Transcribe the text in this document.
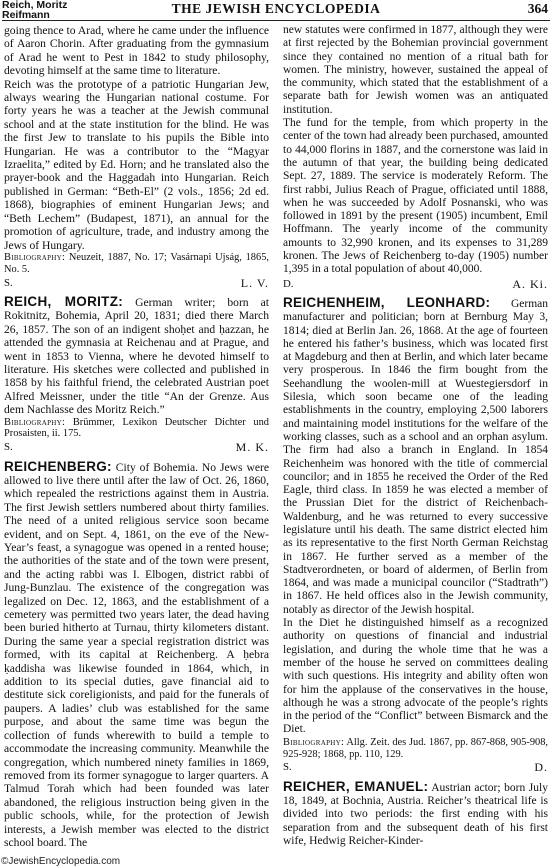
Reich, Moritz
Reifmann	THE JEWISH ENCYCLOPEDIA	364

going thence to Arad, where he came under the influence of Aaron Chorin. After graduating from the gymnasium of Arad he went to Pest in 1842 to study philosophy, devoting himself at the same time to literature.

Reich was the prototype of a patriotic Hungarian Jew, always wearing the Hungarian national costume. For forty years he was a teacher at the Jewish communal school and at the state institution for the blind. He was the first Jew to translate to his pupils the Bible into Hungarian. He was a contributor to the “Magyar Izraelita,” edited by Ed. Horn; and he translated also the prayer-book and the Haggadah into Hungarian. Reich published in German: “Beth-El” (2 vols., 1856; 2d ed. 1868), biographies of eminent Hungarian Jews; and “Beth Lechem” (Budapest, 1871), an annual for the promotion of agriculture, trade, and industry among the Jews of Hungary.

Bibliography: Neuzeit, 1887, No. 17; Vasárnapi Ujság, 1865, No. 5.

S.	L. V.

REICH, MORITZ: German writer; born at Rokitnitz, Bohemia, April 20, 1831; died there March 26, 1857. The son of an indigent shoḥet and ḥazzan, he attended the gymnasia at Reichenau and at Prague, and went in 1853 to Vienna, where he devoted himself to literature. His sketches were collected and published in 1858 by his faithful friend, the celebrated Austrian poet Alfred Meissner, under the title “An der Grenze. Aus dem Nachlasse des Moritz Reich.”

Bibliography: Brümmer, Lexikon Deutscher Dichter und Prosaisten, ii. 175.

S.	M. K.

REICHENBERG: City of Bohemia. No Jews were allowed to live there until after the law of Oct. 26, 1860, which repealed the restrictions against them in Austria. The first Jewish settlers numbered about thirty families. The need of a united religious service soon became evident, and on Sept. 4, 1861, on the eve of the New-Year’s feast, a synagogue was opened in a rented house; the authorities of the state and of the town were present, and the acting rabbi was I. Elbogen, district rabbi of Jung-Bunzlau. The existence of the congregation was legalized on Dec. 12, 1863, and the establishment of a cemetery was permitted two years later, the dead having been buried hitherto at Turnau, thirty kilometers distant. During the same year a special registration district was formed, with its capital at Reichenberg. A ḥebra ḳaddisha was likewise founded in 1864, which, in addition to its special duties, gave financial aid to destitute sick coreligionists, and paid for the funerals of paupers. A ladies’ club was established for the same purpose, and about the same time was begun the collection of funds wherewith to build a temple to accommodate the increasing community. Meanwhile the congregation, which numbered ninety families in 1869, removed from its former synagogue to larger quarters. A Talmud Torah which had been founded was later abandoned, the religious instruction being given in the public schools, while, for the protection of Jewish interests, a Jewish member was elected to the district school board. The

new statutes were confirmed in 1877, although they were at first rejected by the Bohemian provincial government since they contained no mention of a ritual bath for women. The ministry, however, sustained the appeal of the community, which stated that the establishment of a separate bath for Jewish women was an antiquated institution.

The fund for the temple, from which property in the center of the town had already been purchased, amounted to 44,000 florins in 1887, and the cornerstone was laid in the autumn of that year, the building being dedicated Sept. 27, 1889. The service is moderately Reform. The first rabbi, Julius Reach of Prague, officiated until 1888, when he was succeeded by Adolf Posnanski, who was followed in 1891 by the present (1905) incumbent, Emil Hoffmann. The yearly income of the community amounts to 32,990 kronen, and its expenses to 31,289 kronen. The Jews of Reichenberg to-day (1905) number 1,395 in a total population of about 40,000.

D.	A. Ki.

REICHENHEIM, LEONHARD: German manufacturer and politician; born at Bernburg May 3, 1814; died at Berlin Jan. 26, 1868. At the age of fourteen he entered his father’s business, which was located first at Magdeburg and then at Berlin, and which later became very prosperous. In 1846 the firm bought from the Seehandlung the woolen-mill at Wuestegiersdorf in Silesia, which soon became one of the leading establishments in the country, employing 2,500 laborers and maintaining model institutions for the welfare of the working classes, such as a school and an orphan asylum. The firm had also a branch in England. In 1854 Reichenheim was honored with the title of commercial councilor; and in 1855 he received the Order of the Red Eagle, third class. In 1859 he was elected a member of the Prussian Diet for the district of Reichenbach-Waldenburg, and he was returned to every successive legislature until his death. The same district elected him as its representative to the first North German Reichstag in 1867. He further served as a member of the Stadtverordneten, or board of aldermen, of Berlin from 1864, and was made a municipal councilor (“Stadtrath”) in 1867. He held offices also in the Jewish community, notably as director of the Jewish hospital.

In the Diet he distinguished himself as a recognized authority on questions of financial and industrial legislation, and during the whole time that he was a member of the house he served on committees dealing with such questions. His integrity and ability often won for him the applause of the conservatives in the house, although he was a strong advocate of the people’s rights in the period of the “Conflict” between Bismarck and the Diet.

Bibliography: Allg. Zeit. des Jud. 1867, pp. 867-868, 905-908, 925-928; 1868, pp. 110, 129.

S.	D.

REICHER, EMANUEL: Austrian actor; born July 18, 1849, at Bochnia, Austria. Reicher’s theatrical life is divided into two periods: the first ending with his separation from and the subsequent death of his first wife, Hedwig Reicher-Kinder-

©JewishEncyclopedia.com
